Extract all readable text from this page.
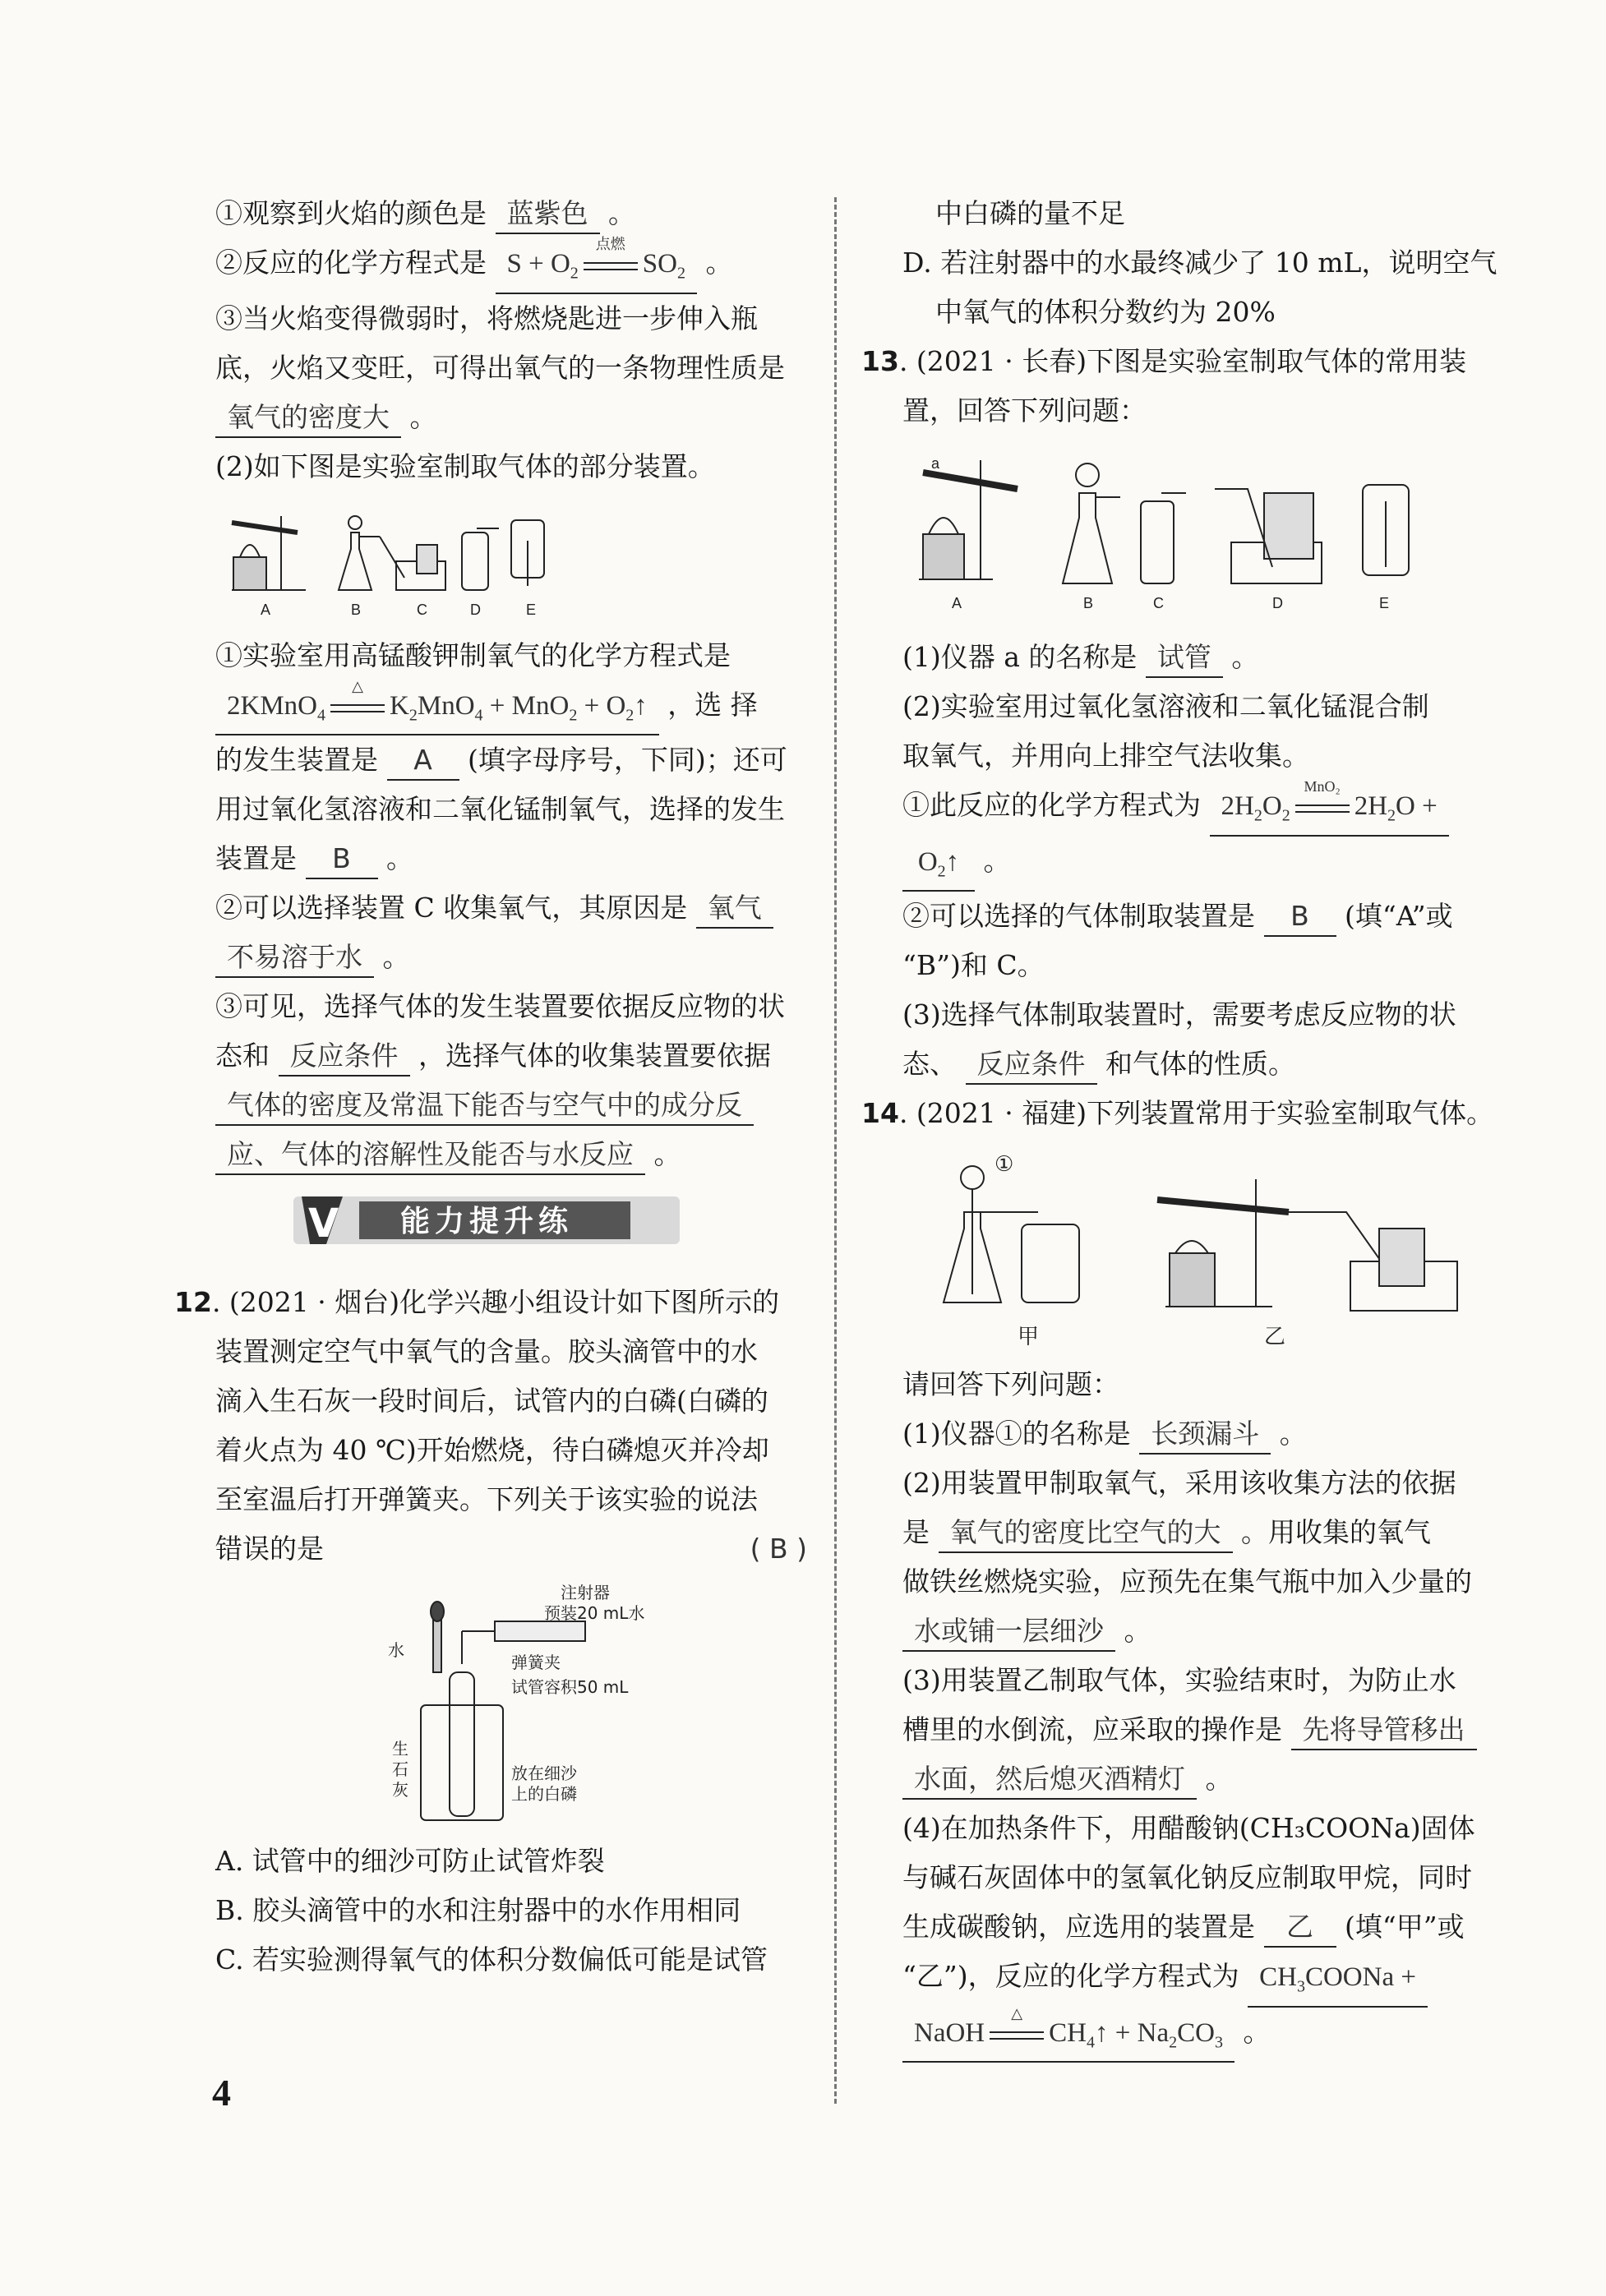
①观察到火焰的颜色是 蓝紫色 。
②反应的化学方程式是 $S + O_2$
点燃
$SO_2$ 。
③当火焰变得微弱时，将燃烧匙进一步伸入瓶
底，火焰又变旺，可得出氧气的一条物理性质是
氧气的密度大 。
(2)如下图是实验室制取气体的部分装置。
A	B	C	D	E
①实验室用高锰酸钾制氧气的化学方程式是
2KMnO$_4$
△
$K_2MnO_4 + MnO_2$ + $O_2↑$ ，选 择
的发生装置是 A (填字母序号，下同)；还可
用过氧化氢溶液和二氧化锰制氧气，选择的发生
装置是 B 。
②可以选择装置 C 收集氧气，其原因是 氧气
不易溶于水 。
③可见，选择气体的发生装置要依据反应物的状
态和 反应条件 ，选择气体的收集装置要依据
气体的密度及常温下能否与空气中的成分反
应、气体的溶解性及能否与水反应 。
V 能力提升练
12. (2021 · 烟台)化学兴趣小组设计如下图所示的
装置测定空气中氧气的含量。胶头滴管中的水
滴入生石灰一段时间后，试管内的白磷(白磷的
着火点为 40 ℃)开始燃烧，待白磷熄灭并冷却
至室温后打开弹簧夹。下列关于该实验的说法
错误的是	( B )
注射器
预装20 mL水
水
弹簧夹
试管容积50 mL
生
石
灰
放在细沙
上的白磷
A. 试管中的细沙可防止试管炸裂
B. 胶头滴管中的水和注射器中的水作用相同
C. 若实验测得氧气的体积分数偏低可能是试管
中白磷的量不足
D. 若注射器中的水最终减少了 10 mL，说明空气
中氧气的体积分数约为 20%
13. (2021 · 长春)下图是实验室制取气体的常用装
置，回答下列问题：
a
A	B	C	D	E
(1)仪器 a 的名称是 试管 。
(2)实验室用过氧化氢溶液和二氧化锰混合制
取氧气，并用向上排空气法收集。
①此反应的化学方程式为 $2H_2O_2$
MnO₂
$2H_2O$ +
$O_2↑$ 。
②可以选择的气体制取装置是 B (填“A”或
“B”)和 C。
(3)选择气体制取装置时，需要考虑反应物的状
态、 反应条件 和气体的性质。
14. (2021 · 福建)下列装置常用于实验室制取气体。
①
甲	乙
请回答下列问题：
(1)仪器①的名称是 长颈漏斗 。
(2)用装置甲制取氧气，采用该收集方法的依据
是 氧气的密度比空气的大 。用收集的氧气
做铁丝燃烧实验，应预先在集气瓶中加入少量的
水或铺一层细沙 。
(3)用装置乙制取气体，实验结束时，为防止水
槽里的水倒流，应采取的操作是 先将导管移出
水面，然后熄灭酒精灯 。
(4)在加热条件下，用醋酸钠(CH₃COONa)固体
与碱石灰固体中的氢氧化钠反应制取甲烷，同时
生成碳酸钠，应选用的装置是 乙 (填“甲”或
“乙”)，反应的化学方程式为 $CH_3COONa$ +
NaOH
△
$CH_4↑ + Na_2CO_3$ 。
4
